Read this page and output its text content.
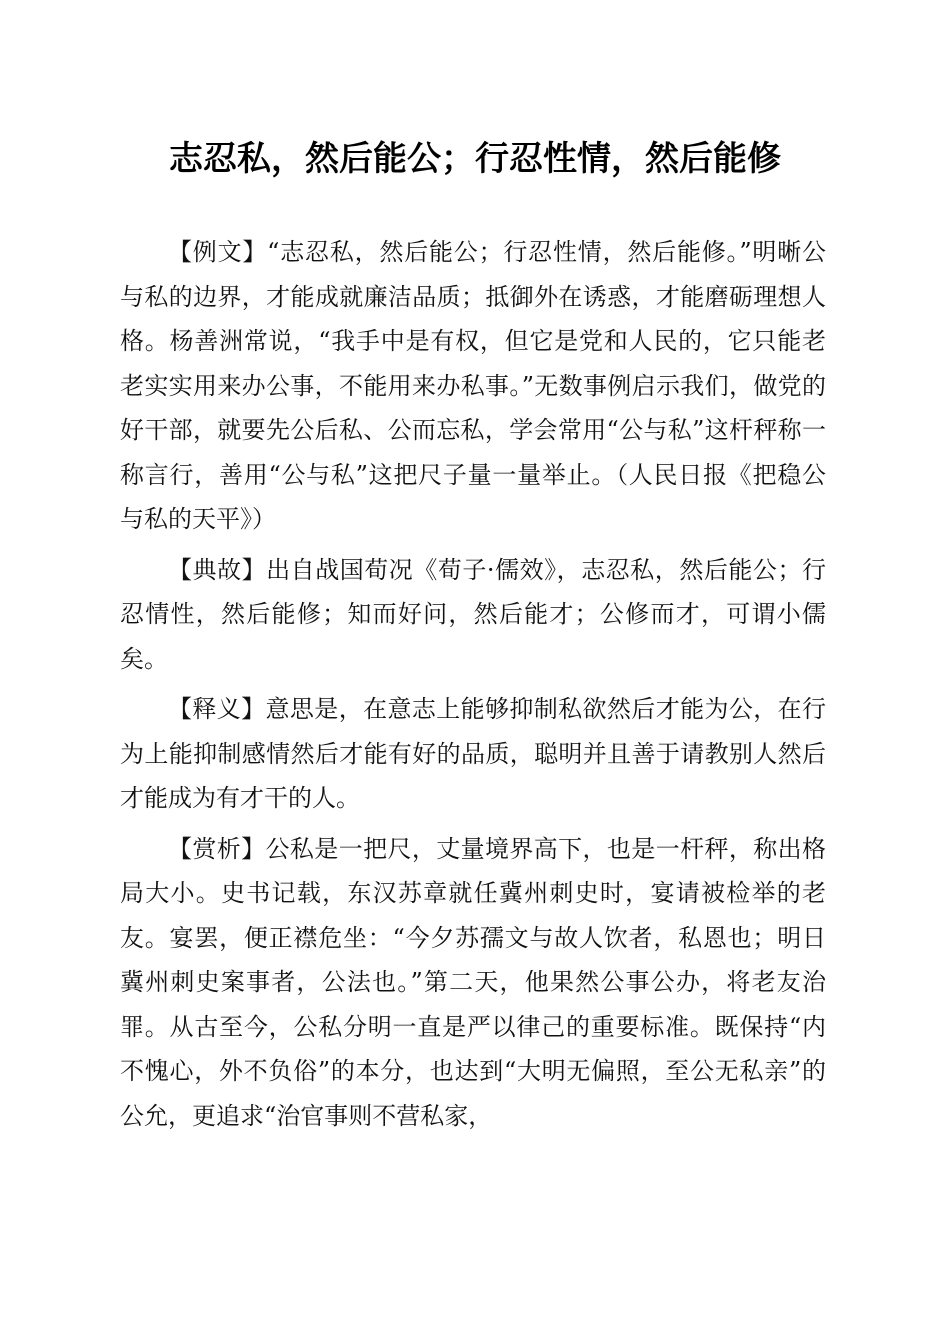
志忍私，然后能公；行忍性情，然后能修

【例文】“志忍私，然后能公；行忍性情，然后能修。”明晰公与私的边界，才能成就廉洁品质；抵御外在诱惑，才能磨砺理想人格。杨善洲常说，“我手中是有权，但它是党和人民的，它只能老老实实用来办公事，不能用来办私事。”无数事例启示我们，做党的好干部，就要先公后私、公而忘私，学会常用“公与私”这杆秤称一称言行，善用“公与私”这把尺子量一量举止。（人民日报《把稳公与私的天平》）

【典故】出自战国荀况《荀子·儒效》，志忍私，然后能公；行忍情性，然后能修；知而好问，然后能才；公修而才，可谓小儒矣。

【释义】意思是，在意志上能够抑制私欲然后才能为公，在行为上能抑制感情然后才能有好的品质，聪明并且善于请教别人然后才能成为有才干的人。

【赏析】公私是一把尺，丈量境界高下，也是一杆秤，称出格局大小。史书记载，东汉苏章就任冀州刺史时，宴请被检举的老友。宴罢，便正襟危坐：“今夕苏孺文与故人饮者，私恩也；明日冀州刺史案事者，公法也。”第二天，他果然公事公办，将老友治罪。从古至今，公私分明一直是严以律己的重要标准。既保持“内不愧心，外不负俗”的本分，也达到“大明无偏照，至公无私亲”的公允，更追求“治官事则不营私家，
